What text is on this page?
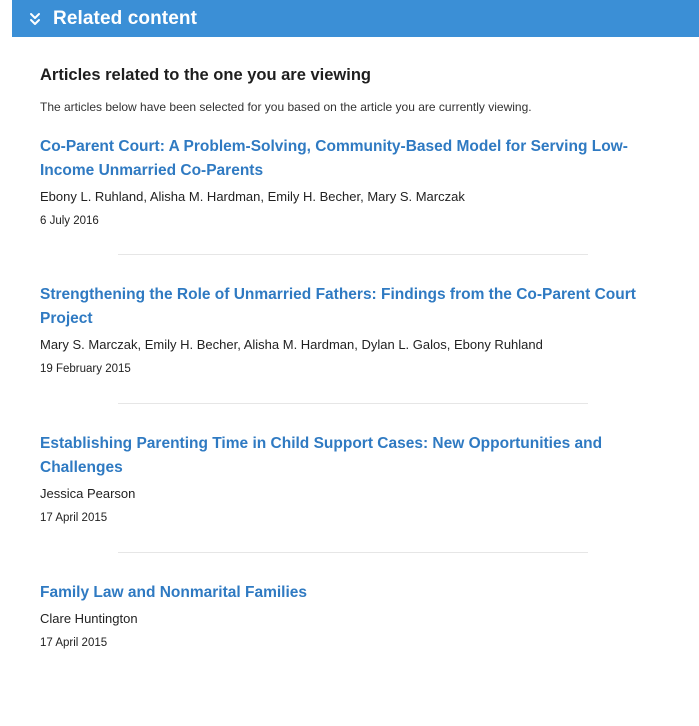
Related content
Articles related to the one you are viewing

The articles below have been selected for you based on the article you are currently viewing.

Co-Parent Court: A Problem-Solving, Community-Based Model for Serving Low-Income Unmarried Co-Parents
Ebony L. Ruhland, Alisha M. Hardman, Emily H. Becher, Mary S. Marczak
6 July 2016
Strengthening the Role of Unmarried Fathers: Findings from the Co-Parent Court Project
Mary S. Marczak, Emily H. Becher, Alisha M. Hardman, Dylan L. Galos, Ebony Ruhland
19 February 2015
Establishing Parenting Time in Child Support Cases: New Opportunities and Challenges
Jessica Pearson
17 April 2015
Family Law and Nonmarital Families
Clare Huntington
17 April 2015
